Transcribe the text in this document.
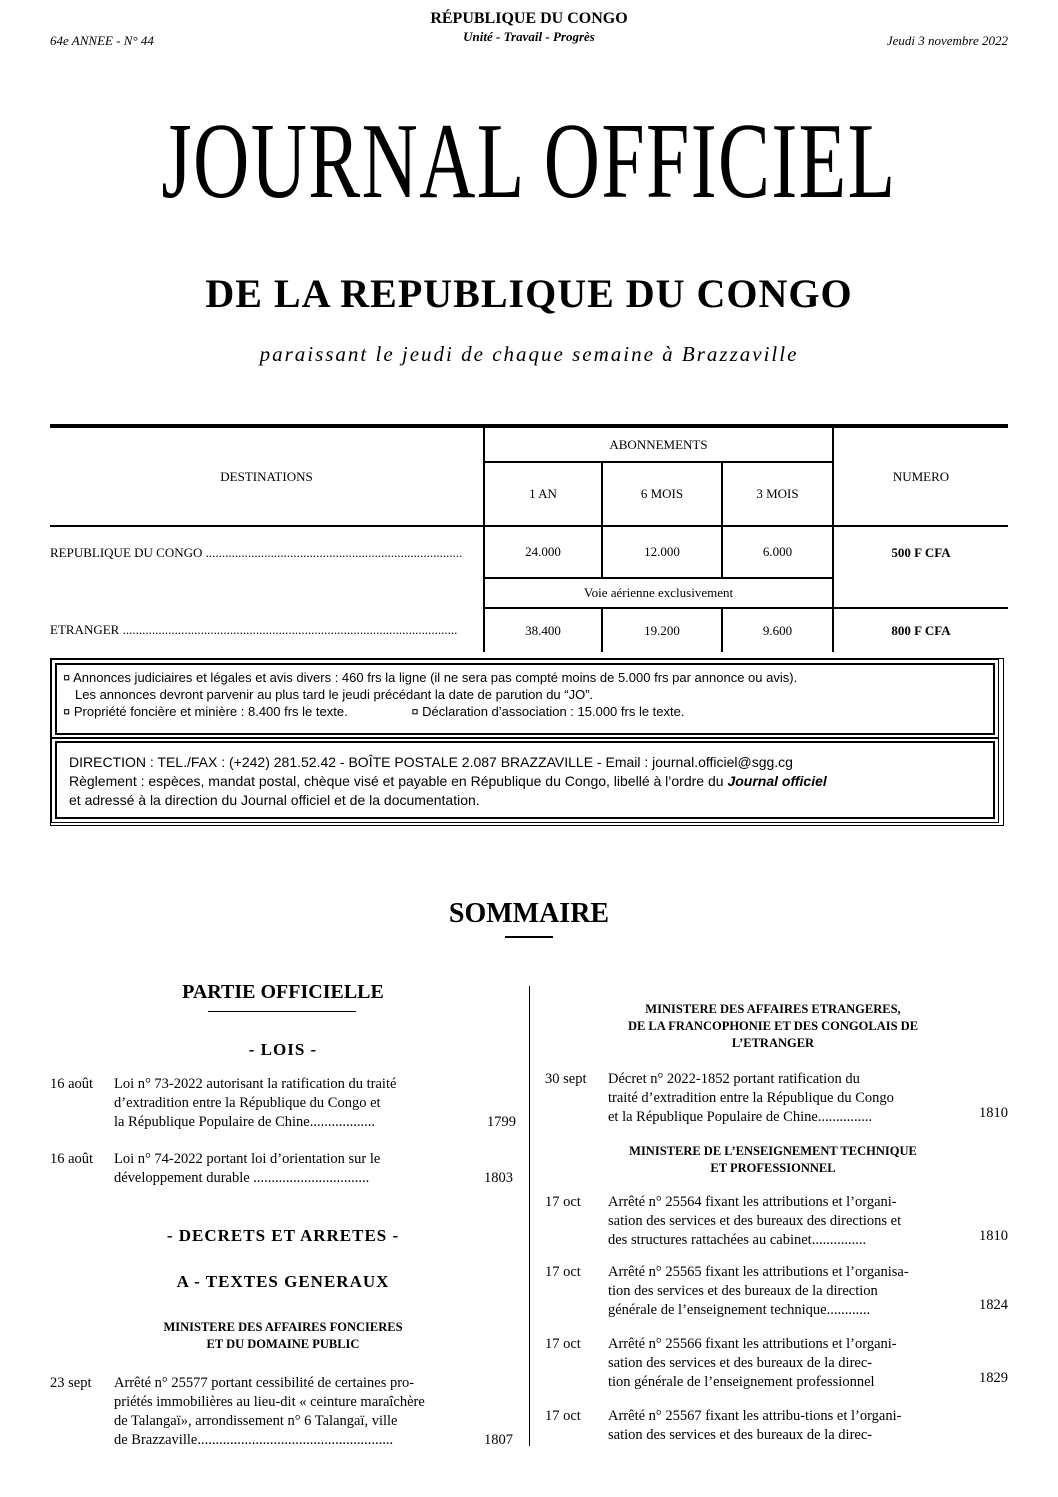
64e ANNEE - N° 44
RÉPUBLIQUE DU CONGO
Unité - Travail - Progrès	Jeudi 3 novembre 2022
JOURNAL OFFICIEL
DE LA REPUBLIQUE DU CONGO
paraissant le jeudi de chaque semaine à Brazzaville
DESTINATIONS	ABONNEMENTS			NUMERO
	1 AN	6 MOIS	3 MOIS	
REPUBLIQUE DU CONGO ...............................................................................	24.000	12.000	6.000	500 F CFA
	Voie aérienne exclusivement			
ETRANGER .......................................................................................................	38.400	19.200	9.600	800 F CFA
¤ Annonces judiciaires et légales et avis divers : 460 frs la ligne (il ne sera pas compté moins de 5.000 frs par annonce ou avis).
Les annonces devront parvenir au plus tard le jeudi précédant la date de parution du “JO”.
¤ Propriété foncière et minière : 8.400 frs le texte.	¤ Déclaration d’association : 15.000 frs le texte.
DIRECTION : TEL./FAX : (+242) 281.52.42 - BOÎTE POSTALE 2.087 BRAZZAVILLE - Email : journal.officiel@sgg.cg
Règlement : espèces, mandat postal, chèque visé et payable en République du Congo, libellé à l’ordre du Journal officiel
et adressé à la direction du Journal officiel et de la documentation.
SOMMAIRE
PARTIE OFFICIELLE
- LOIS -
16 août Loi n° 73-2022 autorisant la ratification du traité
d’extradition entre la République du Congo et
la République Populaire de Chine..................	1799
16 août Loi n° 74-2022 portant loi d’orientation sur le
développement durable ................................	1803
- DECRETS ET ARRETES -
A - TEXTES GENERAUX
MINISTERE DES AFFAIRES FONCIERES
ET DU DOMAINE PUBLIC
23 sept Arrêté n° 25577 portant cessibilité de certaines pro-
priétés immobilières au lieu-dit « ceinture maraîchère
de Talangaï», arrondissement n° 6 Talangaï, ville
de Brazzaville......................................................	1807
MINISTERE DES AFFAIRES ETRANGERES,
DE LA FRANCOPHONIE ET DES CONGOLAIS DE
L’ETRANGER
30 sept Décret n° 2022-1852 portant ratification du
traité d’extradition entre la République du Congo
et la République Populaire de Chine...............	1810
MINISTERE DE L’ENSEIGNEMENT TECHNIQUE
ET PROFESSIONNEL
17 oct Arrêté n° 25564 fixant les attributions et l’organi-
sation des services et des bureaux des directions et
des structures rattachées au cabinet...............	1810
17 oct Arrêté n° 25565 fixant les attributions et l’organisa-
tion des services et des bureaux de la direction
générale de l’enseignement technique............	1824
17 oct Arrêté n° 25566 fixant les attributions et l’organi-
sation des services et des bureaux de la direc-
tion générale de l’enseignement professionnel	1829
17 oct Arrêté n° 25567 fixant les attribu-tions et l’organi-
sation des services et des bureaux de la direc-
